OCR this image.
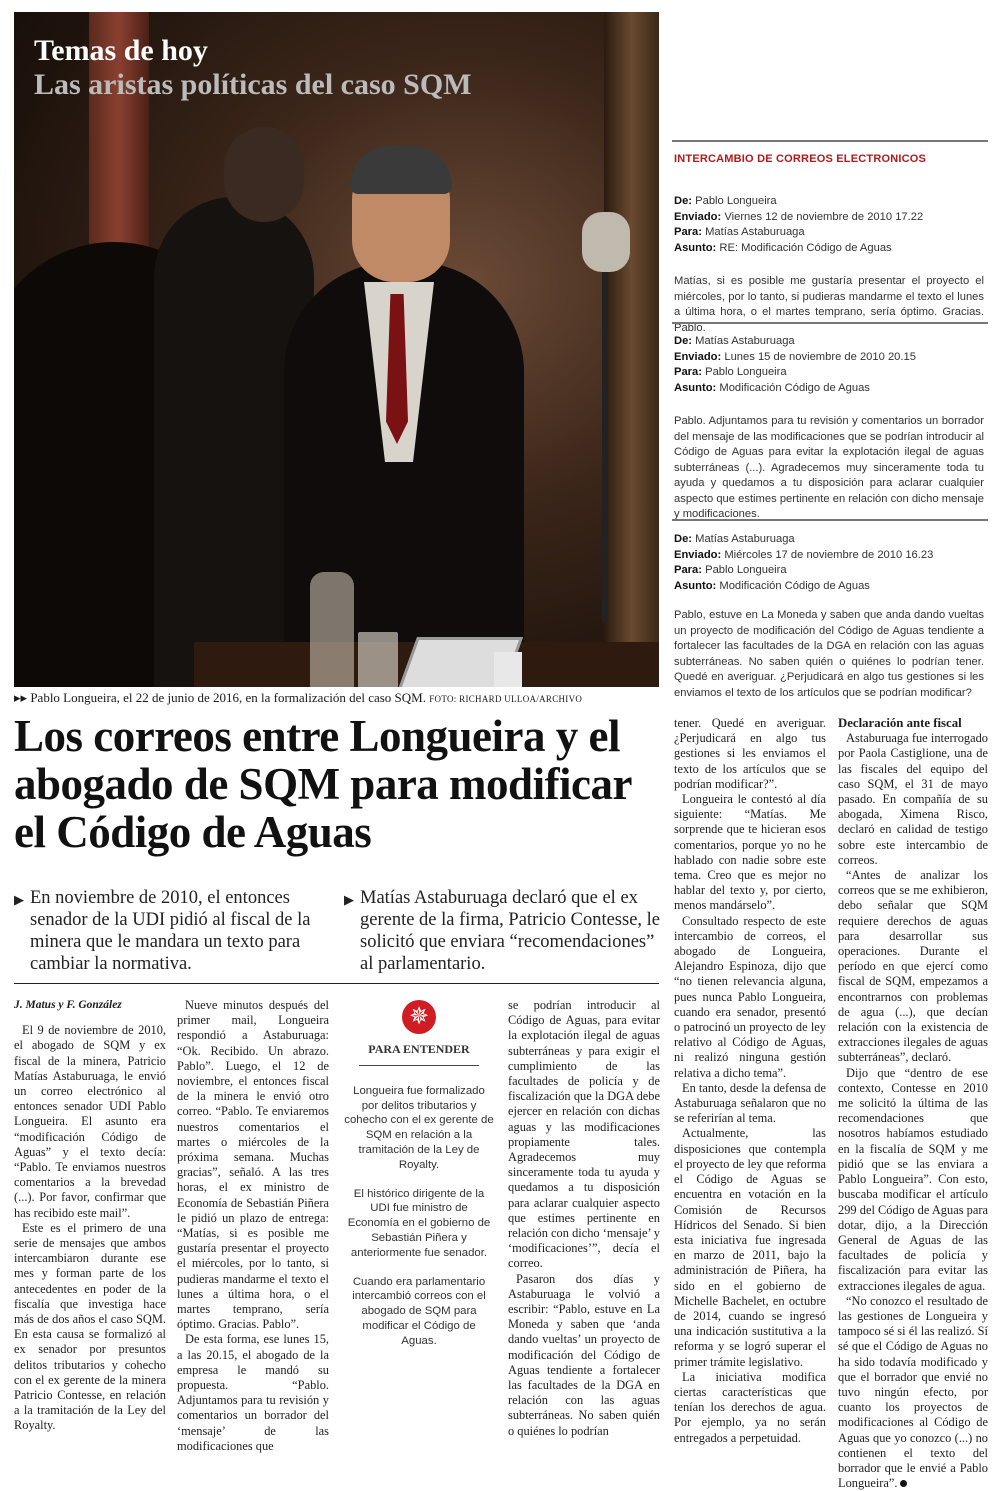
Temas de hoy
Las aristas políticas del caso SQM
INTERCAMBIO DE CORREOS ELECTRONICOS
De: Pablo Longueira
Enviado: Viernes 12 de noviembre de 2010 17.22
Para: Matías Astaburuaga
Asunto: RE: Modificación Código de Aguas
Matías, si es posible me gustaría presentar el proyecto el miércoles, por lo tanto, si pudieras mandarme el texto el lunes a última hora, o el martes temprano, sería óptimo. Gracias. Pablo.
De: Matías Astaburuaga
Enviado: Lunes 15 de noviembre de 2010 20.15
Para: Pablo Longueira
Asunto: Modificación Código de Aguas
Pablo. Adjuntamos para tu revisión y comentarios un borrador del mensaje de las modificaciones que se podrían introducir al Código de Aguas para evitar la explotación ilegal de aguas subterráneas (...). Agradecemos muy sinceramente toda tu ayuda y quedamos a tu disposición para aclarar cualquier aspecto que estimes pertinente en relación con dicho mensaje y modificaciones.
De: Matías Astaburuaga
Enviado: Miércoles 17 de noviembre de 2010 16.23
Para: Pablo Longueira
Asunto: Modificación Código de Aguas
Pablo, estuve en La Moneda y saben que anda dando vueltas un proyecto de modificación del Código de Aguas tendiente a fortalecer las facultades de la DGA en relación con las aguas subterráneas. No saben quién o quiénes lo podrían tener. Quedé en averiguar. ¿Perjudicará en algo tus gestiones si les enviamos el texto de los artículos que se podrían modificar?
▸▸ Pablo Longueira, el 22 de junio de 2016, en la formalización del caso SQM. FOTO: RICHARD ULLOA/ARCHIVO
Los correos entre Longueira y el abogado de SQM para modificar el Código de Aguas
▶ En noviembre de 2010, el entonces senador de la UDI pidió al fiscal de la minera que le mandara un texto para cambiar la normativa.
▶ Matías Astaburuaga declaró que el ex gerente de la firma, Patricio Contesse, le solicitó que enviara “recomendaciones” al parlamentario.
J. Matus y F. González

El 9 de noviembre de 2010, el abogado de SQM y ex fiscal de la minera, Patricio Matías Astaburuaga, le envió un correo electrónico al entonces senador UDI Pablo Longueira. El asunto era “modificación Código de Aguas” y el texto decía: “Pablo. Te enviamos nuestros comentarios a la brevedad (...). Por favor, confirmar que has recibido este mail”.

Este es el primero de una serie de mensajes que ambos intercambiaron durante ese mes y forman parte de los antecedentes en poder de la fiscalía que investiga hace más de dos años el caso SQM. En esta causa se formalizó al ex senador por presuntos delitos tributarios y cohecho con el ex gerente de la minera Patricio Contesse, en relación a la tramitación de la Ley del Royalty.

Nueve minutos después del primer mail, Longueira respondió a Astaburuaga: “Ok. Recibido. Un abrazo. Pablo”. Luego, el 12 de noviembre, el entonces fiscal de la minera le envió otro correo. “Pablo. Te enviaremos nuestros comentarios el martes o miércoles de la próxima semana. Muchas gracias”, señaló. A las tres horas, el ex ministro de Economía de Sebastián Piñera le pidió un plazo de entrega: “Matías, si es posible me gustaría presentar el proyecto el miércoles, por lo tanto, si pudieras mandarme el texto el lunes a última hora, o el martes temprano, sería óptimo. Gracias. Pablo”.

De esta forma, ese lunes 15, a las 20.15, el abogado de la empresa le mandó su propuesta. “Pablo. Adjuntamos para tu revisión y comentarios un borrador del ‘mensaje’ de las modificaciones que

✵
PARA ENTENDER

Longueira fue formalizado por delitos tributarios y cohecho con el ex gerente de SQM en relación a la tramitación de la Ley de Royalty.

El histórico dirigente de la UDI fue ministro de Economía en el gobierno de Sebastián Piñera y anteriormente fue senador.

Cuando era parlamentario intercambió correos con el abogado de SQM para modificar el Código de Aguas.

se podrían introducir al Código de Aguas, para evitar la explotación ilegal de aguas subterráneas y para exigir el cumplimiento de las facultades de policía y de fiscalización que la DGA debe ejercer en relación con dichas aguas y las modificaciones propiamente tales. Agradecemos muy sinceramente toda tu ayuda y quedamos a tu disposición para aclarar cualquier aspecto que estimes pertinente en relación con dicho ‘mensaje’ y ‘modificaciones’”, decía el correo.

Pasaron dos días y Astaburuaga le volvió a escribir: “Pablo, estuve en La Moneda y saben que ‘anda dando vueltas’ un proyecto de modificación del Código de Aguas tendiente a fortalecer las facultades de la DGA en relación con las aguas subterráneas. No saben quién o quiénes lo podrían

tener. Quedé en averiguar. ¿Perjudicará en algo tus gestiones si les enviamos el texto de los artículos que se podrían modificar?”.

Longueira le contestó al día siguiente: “Matías. Me sorprende que te hicieran esos comentarios, porque yo no he hablado con nadie sobre este tema. Creo que es mejor no hablar del texto y, por cierto, menos mandárselo”.

Consultado respecto de este intercambio de correos, el abogado de Longueira, Alejandro Espinoza, dijo que “no tienen relevancia alguna, pues nunca Pablo Longueira, cuando era senador, presentó o patrocinó un proyecto de ley relativo al Código de Aguas, ni realizó ninguna gestión relativa a dicho tema”.

En tanto, desde la defensa de Astaburuaga señalaron que no se referirían al tema.

Actualmente, las disposiciones que contempla el proyecto de ley que reforma el Código de Aguas se encuentra en votación en la Comisión de Recursos Hídricos del Senado. Si bien esta iniciativa fue ingresada en marzo de 2011, bajo la administración de Piñera, ha sido en el gobierno de Michelle Bachelet, en octubre de 2014, cuando se ingresó una indicación sustitutiva a la reforma y se logró superar el primer trámite legislativo.

La iniciativa modifica ciertas características que tenían los derechos de agua. Por ejemplo, ya no serán entregados a perpetuidad.

Declaración ante fiscal

Astaburuaga fue interrogado por Paola Castiglione, una de las fiscales del equipo del caso SQM, el 31 de mayo pasado. En compañía de su abogada, Ximena Risco, declaró en calidad de testigo sobre este intercambio de correos.

“Antes de analizar los correos que se me exhibieron, debo señalar que SQM requiere derechos de aguas para desarrollar sus operaciones. Durante el período en que ejercí como fiscal de SQM, empezamos a encontrarnos con problemas de agua (...), que decían relación con la existencia de extracciones ilegales de aguas subterráneas”, declaró.

Dijo que “dentro de ese contexto, Contesse en 2010 me solicitó la última de las recomendaciones que nosotros habíamos estudiado en la fiscalía de SQM y me pidió que se las enviara a Pablo Longueira”. Con esto, buscaba modificar el artículo 299 del Código de Aguas para dotar, dijo, a la Dirección General de Aguas de las facultades de policía y fiscalización para evitar las extracciones ilegales de agua.

“No conozco el resultado de las gestiones de Longueira y tampoco sé si él las realizó. Sí sé que el Código de Aguas no ha sido todavía modificado y que el borrador que envié no tuvo ningún efecto, por cuanto los proyectos de modificaciones al Código de Aguas que yo conozco (...) no contienen el texto del borrador que le envié a Pablo Longueira”.
